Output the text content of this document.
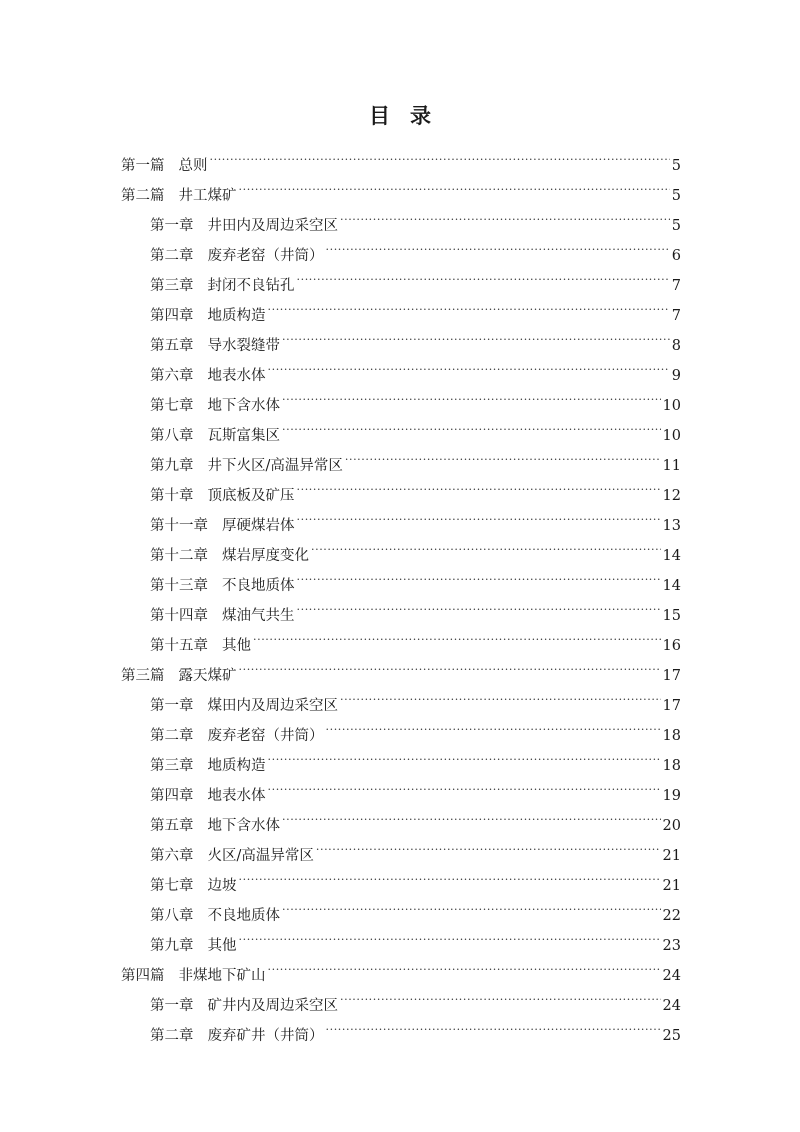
目录
第一篇 总则 .....	5
第二篇 井工煤矿 .....	5
第一章 井田内及周边采空区 .....	5
第二章 废弃老窑（井筒） .....	6
第三章 封闭不良钻孔 .....	7
第四章 地质构造 .....	7
第五章 导水裂缝带 .....	8
第六章 地表水体 .....	9
第七章 地下含水体 .....	10
第八章 瓦斯富集区 .....	10
第九章 井下火区/高温异常区 .....	11
第十章 顶底板及矿压 .....	12
第十一章 厚硬煤岩体 .....	13
第十二章 煤岩厚度变化 .....	14
第十三章 不良地质体 .....	14
第十四章 煤油气共生 .....	15
第十五章 其他 .....	16
第三篇 露天煤矿 .....	17
第一章 煤田内及周边采空区 .....	17
第二章 废弃老窑（井筒） .....	18
第三章 地质构造 .....	18
第四章 地表水体 .....	19
第五章 地下含水体 .....	20
第六章 火区/高温异常区 .....	21
第七章 边坡 .....	21
第八章 不良地质体 .....	22
第九章 其他 .....	23
第四篇 非煤地下矿山 .....	24
第一章 矿井内及周边采空区 .....	24
第二章 废弃矿井（井筒） .....	25
